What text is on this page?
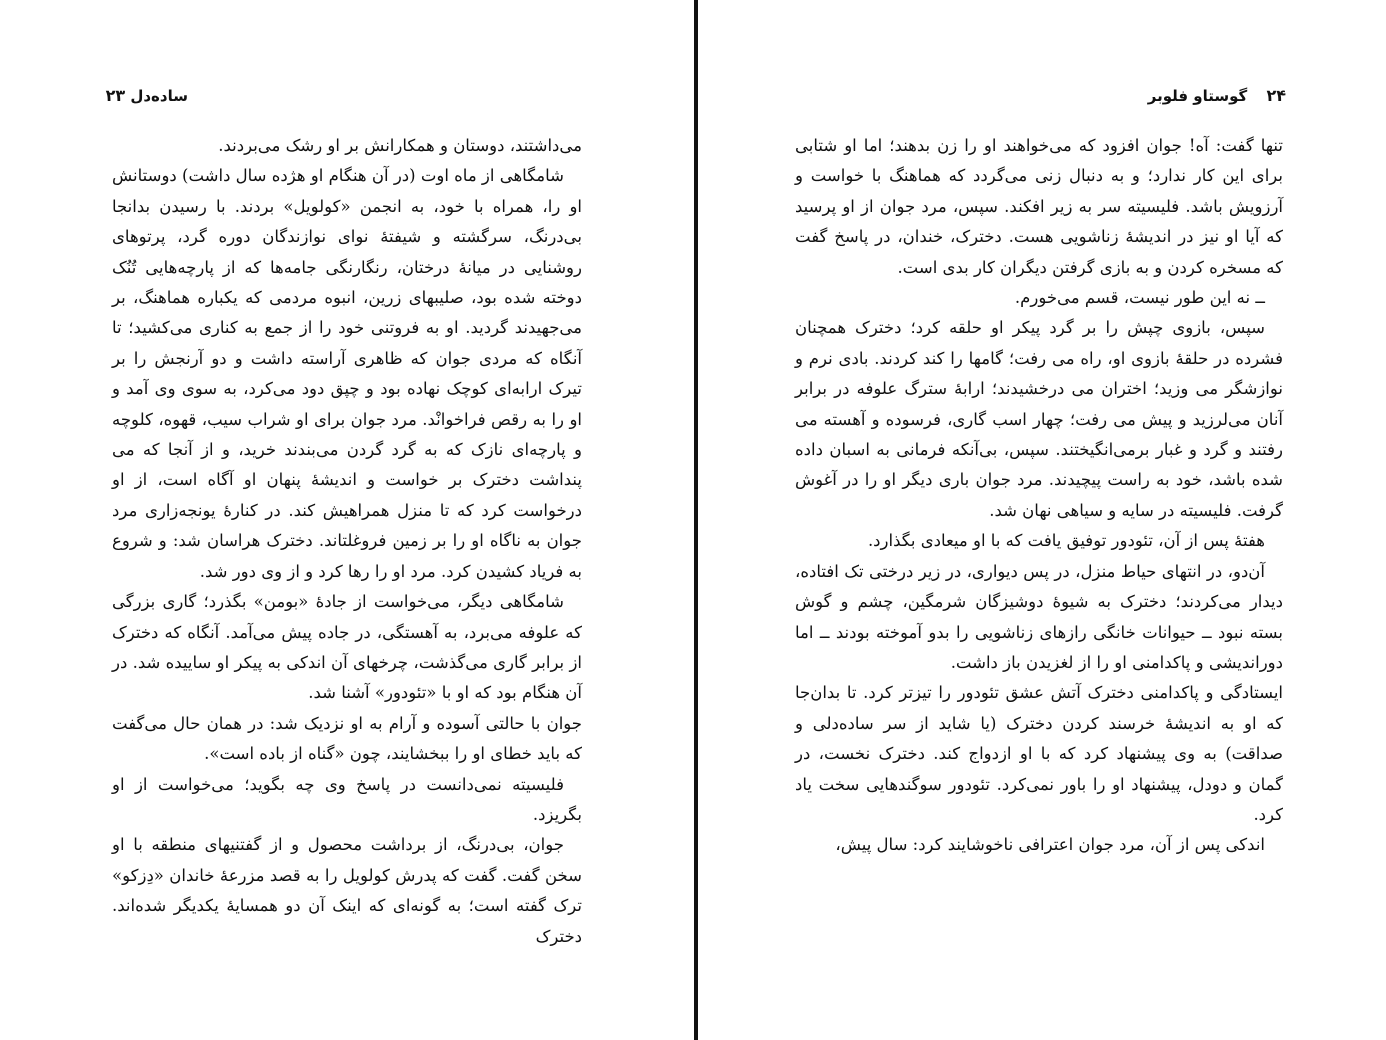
ساده‌دل ۲۳

می‌داشتند، دوستان و همکارانش بر او رشک می‌بردند.

شامگاهی از ماه اوت (در آن هنگام او هژده سال داشت) دوستانش او را، همراه با خود، به انجمن «کولویل» بردند. با رسیدن بدانجا بی‌درنگ، سرگشته و شیفتهٔ نوای نوازندگان دوره گرد، پرتوهای روشنایی در میانهٔ درختان، رنگارنگی جامه‌ها که از پارچه‌هایی تُنُک دوخته شده بود، صلیبهای زرین، انبوه مردمی که یکباره هماهنگ، بر می‌جهیدند گردید. او به فروتنی خود را از جمع به کناری می‌کشید؛ تا آنگاه که مردی جوان که ظاهری آراسته داشت و دو آرنجش را بر تیرک ارابه‌ای کوچک نهاده بود و چپق دود می‌کرد، به سوی وی آمد و او را به رقص فراخوانْد. مرد جوان برای او شراب سیب، قهوه، کلوچه و پارچه‌ای نازک که به گرد گردن می‌بندند خرید، و از آنجا که می پنداشت دخترک بر خواست و اندیشهٔ پنهان او آگاه است، از او درخواست کرد که تا منزل همراهیش کند. در کنارهٔ یونجه‌زاری مرد جوان به ناگاه او را بر زمین فروغلتاند. دخترک هراسان شد: و شروع به فریاد کشیدن کرد. مرد او را رها کرد و از وی دور شد.

شامگاهی دیگر، می‌خواست از جادهٔ «بومن» بگذرد؛ گاری بزرگی که علوفه می‌برد، به آهستگی، در جاده پیش می‌آمد. آنگاه که دخترک از برابر گاری می‌گذشت، چرخهای آن اندکی به پیکر او ساییده شد. در آن هنگام بود که او با «تئودور» آشنا شد.

جوان با حالتی آسوده و آرام به او نزدیک شد: در همان حال می‌گفت که باید خطای او را ببخشایند، چون «گناه از باده است».

فلیسیته نمی‌دانست در پاسخ وی چه بگوید؛ می‌خواست از او بگریزد.

جوان، بی‌درنگ، از برداشت محصول و از گفتنیهای منطقه با او سخن گفت. گفت که پدرش کولویل را به قصد مزرعهٔ خاندان «دِزکو» ترک گفته است؛ به گونه‌ای که اینک آن دو همسایهٔ یکدیگر شده‌اند. دخترک

۲۴ گوستاو فلوبر

تنها گفت: آه! جوان افزود که می‌خواهند او را زن بدهند؛ اما او شتابی برای این کار ندارد؛ و به دنبال زنی می‌گردد که هماهنگ با خواست و آرزویش باشد. فلیسیته سر به زیر افکند. سپس، مرد جوان از او پرسید که آیا او نیز در اندیشهٔ زناشویی هست. دخترک، خندان، در پاسخ گفت که مسخره کردن و به بازی گرفتن دیگران کار بدی است.

ــ نه این طور نیست، قسم می‌خورم.

سپس، بازوی چپش را بر گرد پیکر او حلقه کرد؛ دخترک همچنان فشرده در حلقهٔ بازوی او، راه می رفت؛ گامها را کند کردند. بادی نرم و نوازشگر می وزید؛ اختران می درخشیدند؛ ارابهٔ سترگ علوفه در برابر آنان می‌لرزید و پیش می رفت؛ چهار اسب گاری، فرسوده و آهسته می رفتند و گرد و غبار برمی‌انگیختند. سپس، بی‌آنکه فرمانی به اسبان داده شده باشد، خود به راست پیچیدند. مرد جوان باری دیگر او را در آغوش گرفت. فلیسیته در سایه و سیاهی نهان شد.

هفتهٔ پس از آن، تئودور توفیق یافت که با او میعادی بگذارد.

آن‌دو، در انتهای حیاط منزل، در پس دیواری، در زیر درختی تک افتاده، دیدار می‌کردند؛ دخترک به شیوهٔ دوشیزگان شرمگین، چشم و گوش بسته نبود ــ حیوانات خانگی رازهای زناشویی را بدو آموخته بودند ــ اما دوراندیشی و پاکدامنی او را از لغزیدن باز داشت.

ایستادگی و پاکدامنی دخترک آتش عشق تئودور را تیزتر کرد. تا بدان‌جا که او به اندیشهٔ خرسند کردن دخترک (یا شاید از سر ساده‌دلی و صداقت) به وی پیشنهاد کرد که با او ازدواج کند. دخترک نخست، در گمان و دودل، پیشنهاد او را باور نمی‌کرد. تئودور سوگندهایی سخت یاد کرد.

اندکی پس از آن، مرد جوان اعترافی ناخوشایند کرد: سال پیش،
